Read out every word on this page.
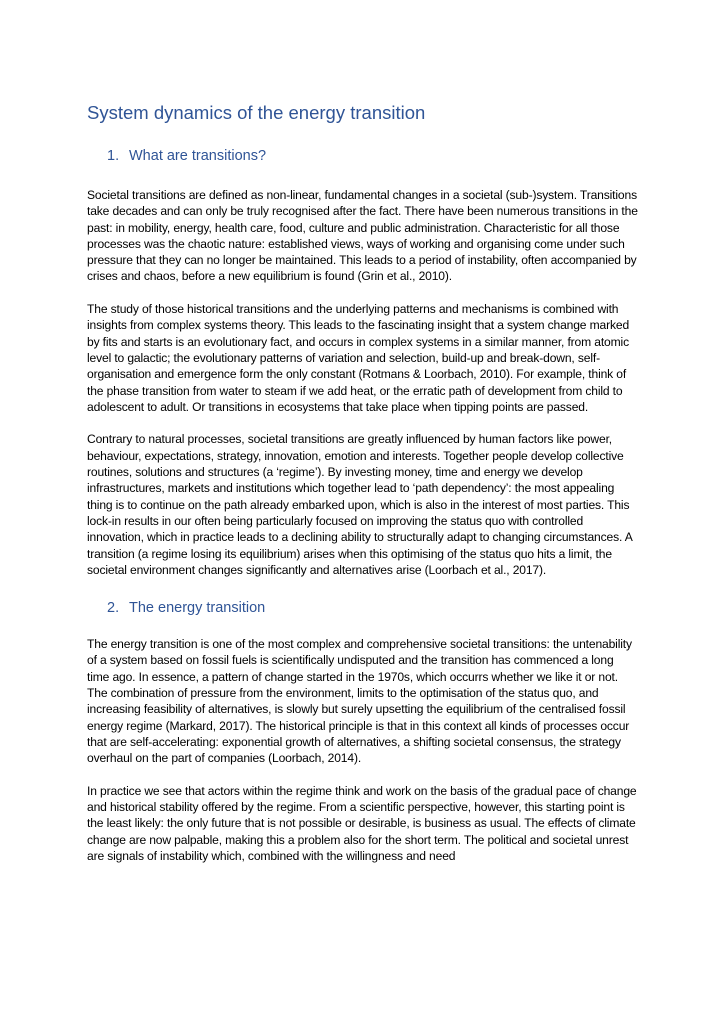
System dynamics of the energy transition
1. What are transitions?

Societal transitions are defined as non-linear, fundamental changes in a societal (sub-)system. Transitions take decades and can only be truly recognised after the fact. There have been numerous transitions in the past: in mobility, energy, health care, food, culture and public administration. Characteristic for all those processes was the chaotic nature: established views, ways of working and organising come under such pressure that they can no longer be maintained. This leads to a period of instability, often accompanied by crises and chaos, before a new equilibrium is found (Grin et al., 2010).

The study of those historical transitions and the underlying patterns and mechanisms is combined with insights from complex systems theory. This leads to the fascinating insight that a system change marked by fits and starts is an evolutionary fact, and occurs in complex systems in a similar manner, from atomic level to galactic; the evolutionary patterns of variation and selection, build-up and break-down, self-organisation and emergence form the only constant (Rotmans & Loorbach, 2010). For example, think of the phase transition from water to steam if we add heat, or the erratic path of development from child to adolescent to adult. Or transitions in ecosystems that take place when tipping points are passed.

Contrary to natural processes, societal transitions are greatly influenced by human factors like power, behaviour, expectations, strategy, innovation, emotion and interests. Together people develop collective routines, solutions and structures (a ‘regime’). By investing money, time and energy we develop infrastructures, markets and institutions which together lead to ‘path dependency’: the most appealing thing is to continue on the path already embarked upon, which is also in the interest of most parties. This lock-in results in our often being particularly focused on improving the status quo with controlled innovation, which in practice leads to a declining ability to structurally adapt to changing circumstances. A transition (a regime losing its equilibrium) arises when this optimising of the status quo hits a limit, the societal environment changes significantly and alternatives arise (Loorbach et al., 2017).

2. The energy transition

The energy transition is one of the most complex and comprehensive societal transitions: the untenability of a system based on fossil fuels is scientifically undisputed and the transition has commenced a long time ago. In essence, a pattern of change started in the 1970s, which occurrs whether we like it or not. The combination of pressure from the environment, limits to the optimisation of the status quo, and increasing feasibility of alternatives, is slowly but surely upsetting the equilibrium of the centralised fossil energy regime (Markard, 2017). The historical principle is that in this context all kinds of processes occur that are self-accelerating: exponential growth of alternatives, a shifting societal consensus, the strategy overhaul on the part of companies (Loorbach, 2014).

In practice we see that actors within the regime think and work on the basis of the gradual pace of change and historical stability offered by the regime. From a scientific perspective, however, this starting point is the least likely: the only future that is not possible or desirable, is business as usual. The effects of climate change are now palpable, making this a problem also for the short term. The political and societal unrest are signals of instability which, combined with the willingness and need
